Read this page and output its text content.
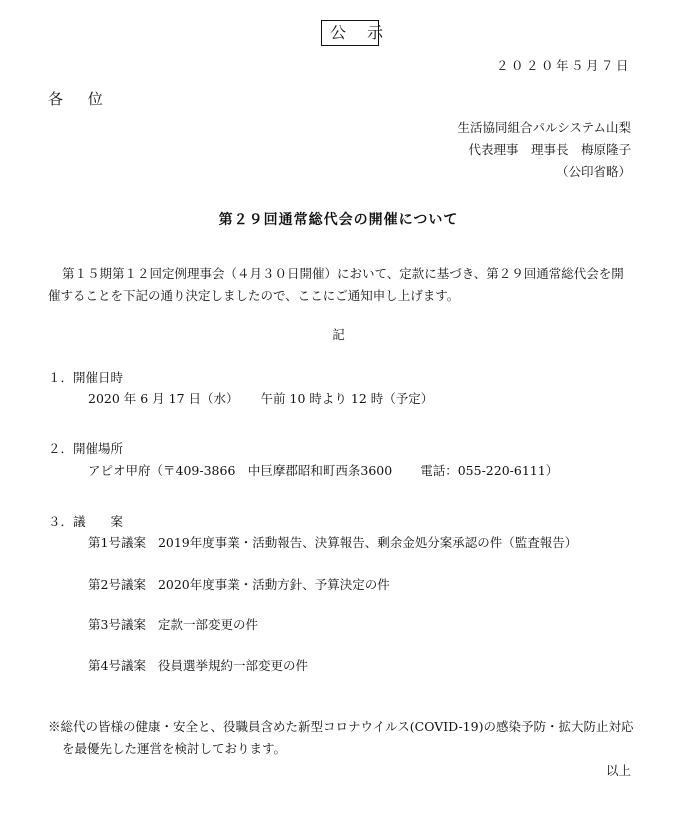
公 示
２０２０年５月７日
各 位
生活協同組合パルシステム山梨
代表理事　理事長　梅原隆子
（公印省略）
第２９回通常総代会の開催について
第１５期第１２回定例理事会（４月３０日開催）において、定款に基づき、第２９回通常総代会を開
催することを下記の通り決定しましたので、ここにご通知申し上げます。
記
１．開催日時
2020 年 6 月 17 日（水） 午前 10 時より 12 時（予定）
２．開催場所
アピオ甲府（〒409-3866　中巨摩郡昭和町西条3600 電話：055-220-6111）
３．議　　案
第1号議案 2019年度事業・活動報告、決算報告、剰余金処分案承認の件（監査報告）
第2号議案 2020年度事業・活動方針、予算決定の件
第3号議案 定款一部変更の件
第4号議案 役員選挙規約一部変更の件
※総代の皆様の健康・安全と、役職員含めた新型コロナウイルス(COVID-19)の感染予防・拡大防止対応
を最優先した運営を検討しております。
以上
